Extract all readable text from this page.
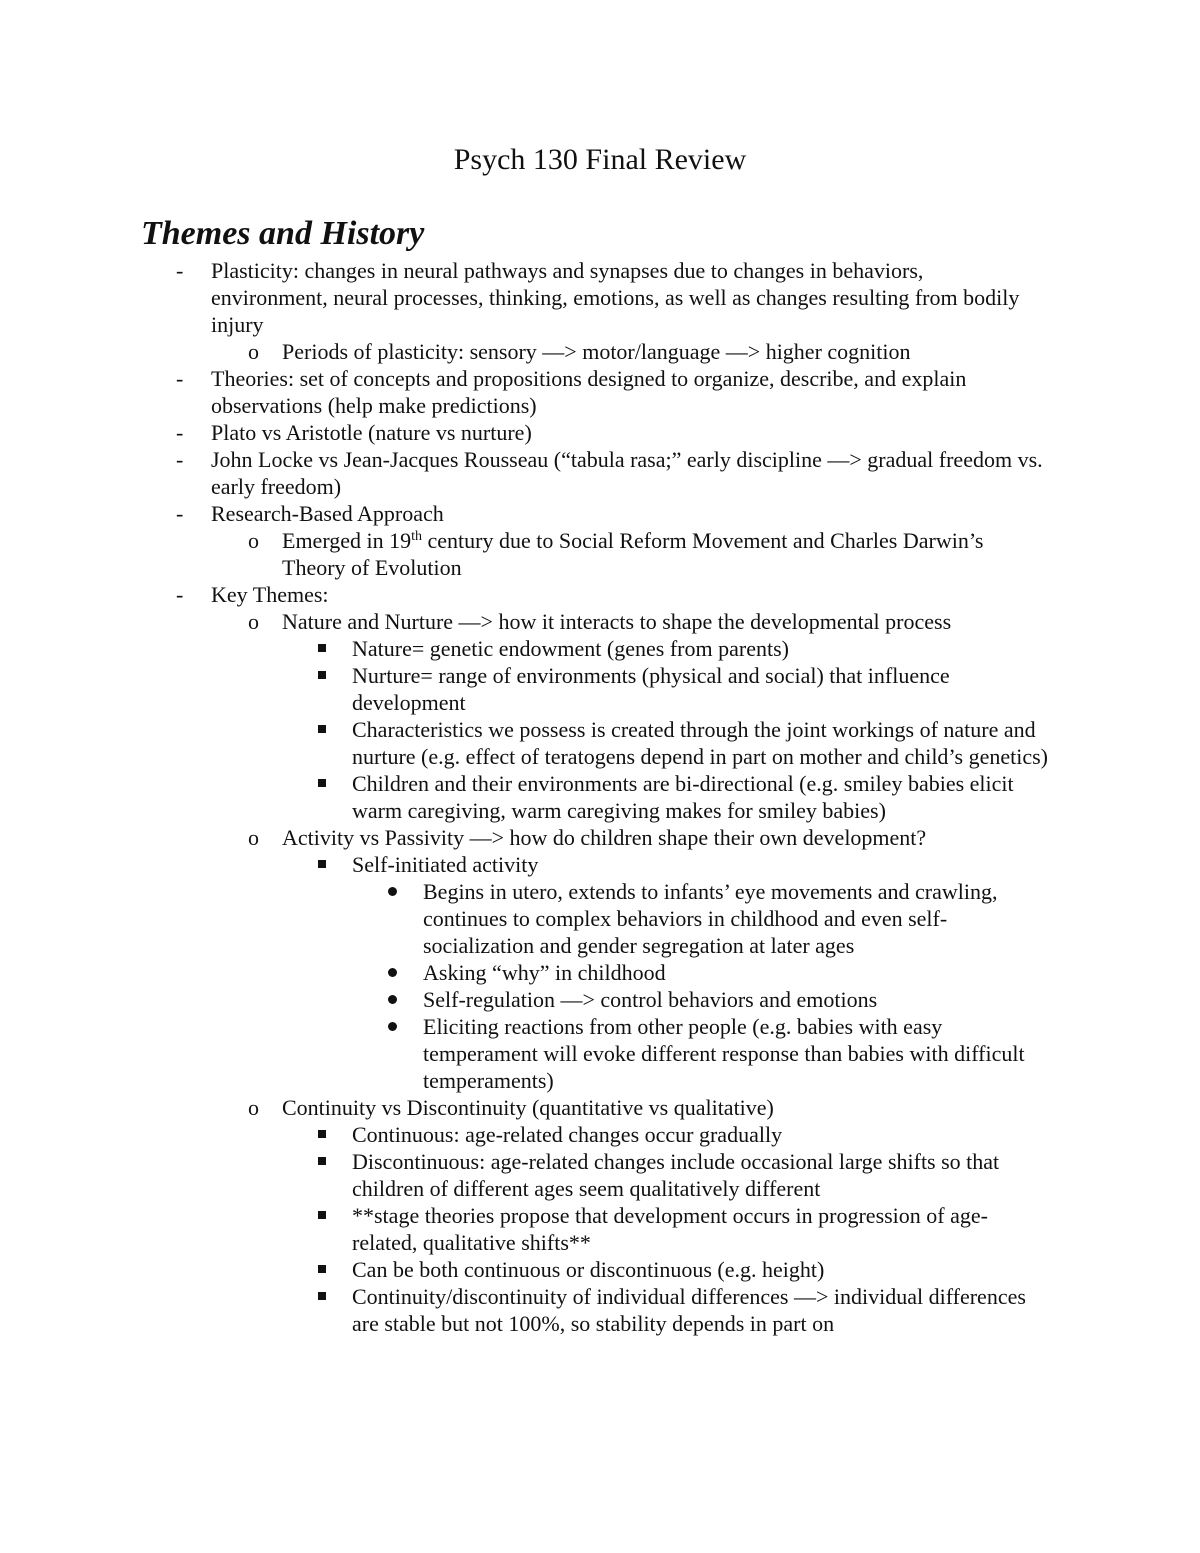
Psych 130 Final Review
Themes and History
- Plasticity: changes in neural pathways and synapses due to changes in behaviors, environment, neural processes, thinking, emotions, as well as changes resulting from bodily injury
o Periods of plasticity: sensory —> motor/language —> higher cognition
- Theories: set of concepts and propositions designed to organize, describe, and explain observations (help make predictions)
- Plato vs Aristotle (nature vs nurture)
- John Locke vs Jean-Jacques Rousseau (“tabula rasa;” early discipline —> gradual freedom vs. early freedom)
- Research-Based Approach
o Emerged in 19th century due to Social Reform Movement and Charles Darwin’s Theory of Evolution
- Key Themes:
o Nature and Nurture —> how it interacts to shape the developmental process
Nature= genetic endowment (genes from parents)
Nurture= range of environments (physical and social) that influence development
Characteristics we possess is created through the joint workings of nature and nurture (e.g. effect of teratogens depend in part on mother and child’s genetics)
Children and their environments are bi-directional (e.g. smiley babies elicit warm caregiving, warm caregiving makes for smiley babies)
o Activity vs Passivity —> how do children shape their own development?
Self-initiated activity
Begins in utero, extends to infants’ eye movements and crawling, continues to complex behaviors in childhood and even self-socialization and gender segregation at later ages
Asking “why” in childhood
Self-regulation —> control behaviors and emotions
Eliciting reactions from other people (e.g. babies with easy temperament will evoke different response than babies with difficult temperaments)
o Continuity vs Discontinuity (quantitative vs qualitative)
Continuous: age-related changes occur gradually
Discontinuous: age-related changes include occasional large shifts so that children of different ages seem qualitatively different
**stage theories propose that development occurs in progression of age-related, qualitative shifts**
Can be both continuous or discontinuous (e.g. height)
Continuity/discontinuity of individual differences —> individual differences are stable but not 100%, so stability depends in part on
